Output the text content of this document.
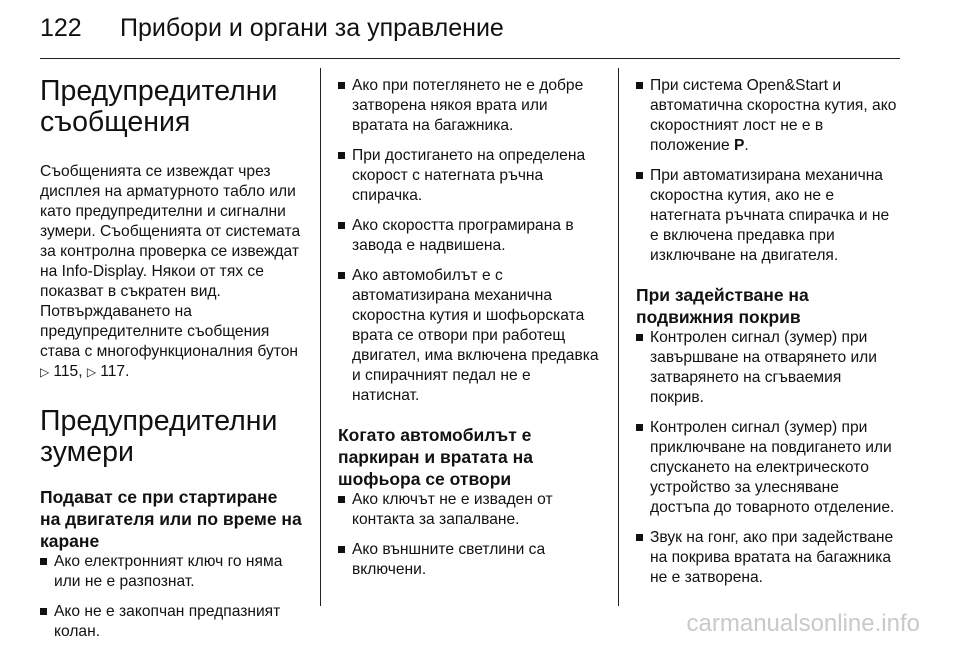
122 Прибори и органи за управление
Предупредителни съобщения

Съобщенията се извеждат чрез дисплея на арматурното табло или като предупредителни и сигнални зумери. Съобщенията от системата за контролна проверка се извеждат на Info-Display. Някои от тях се показват в съкратен вид. Потвърждаването на предупредителните съобщения става с многофункционалния бутон
▷ 115, ▷ 117.

Предупредителни зумери
Подават се при стартиране на двигателя или по време на каране
Ако електронният ключ го няма или не е разпознат.
Ако не е закопчан предпазният колан.
Ако при потеглянето не е добре затворена някоя врата или вратата на багажника.
При достигането на определена скорост с натегната ръчна спирачка.
Ако скоростта програмирана в завода е надвишена.
Ако автомобилът е с автоматизирана механична скоростна кутия и шофьорската врата се отвори при работещ двигател, има включена предавка и спирачният педал не е натиснат.
Когато автомобилът е паркиран и вратата на шофьора се отвори
Ако ключът не е изваден от контакта за запалване.
Ако външните светлини са включени.
При система Open&Start и автоматична скоростна кутия, ако скоростният лост не е в положение P.
При автоматизирана механична скоростна кутия, ако не е натегната ръчната спирачка и не е включена предавка при изключване на двигателя.
При задействане на подвижния покрив
Контролен сигнал (зумер) при завършване на отварянето или затварянето на сгъваемия покрив.
Контролен сигнал (зумер) при приключване на повдигането или спускането на електрическото устройство за улесняване достъпа до товарното отделение.
Звук на гонг, ако при задействане на покрива вратата на багажника не е затворена.
carmanualsonline.info
